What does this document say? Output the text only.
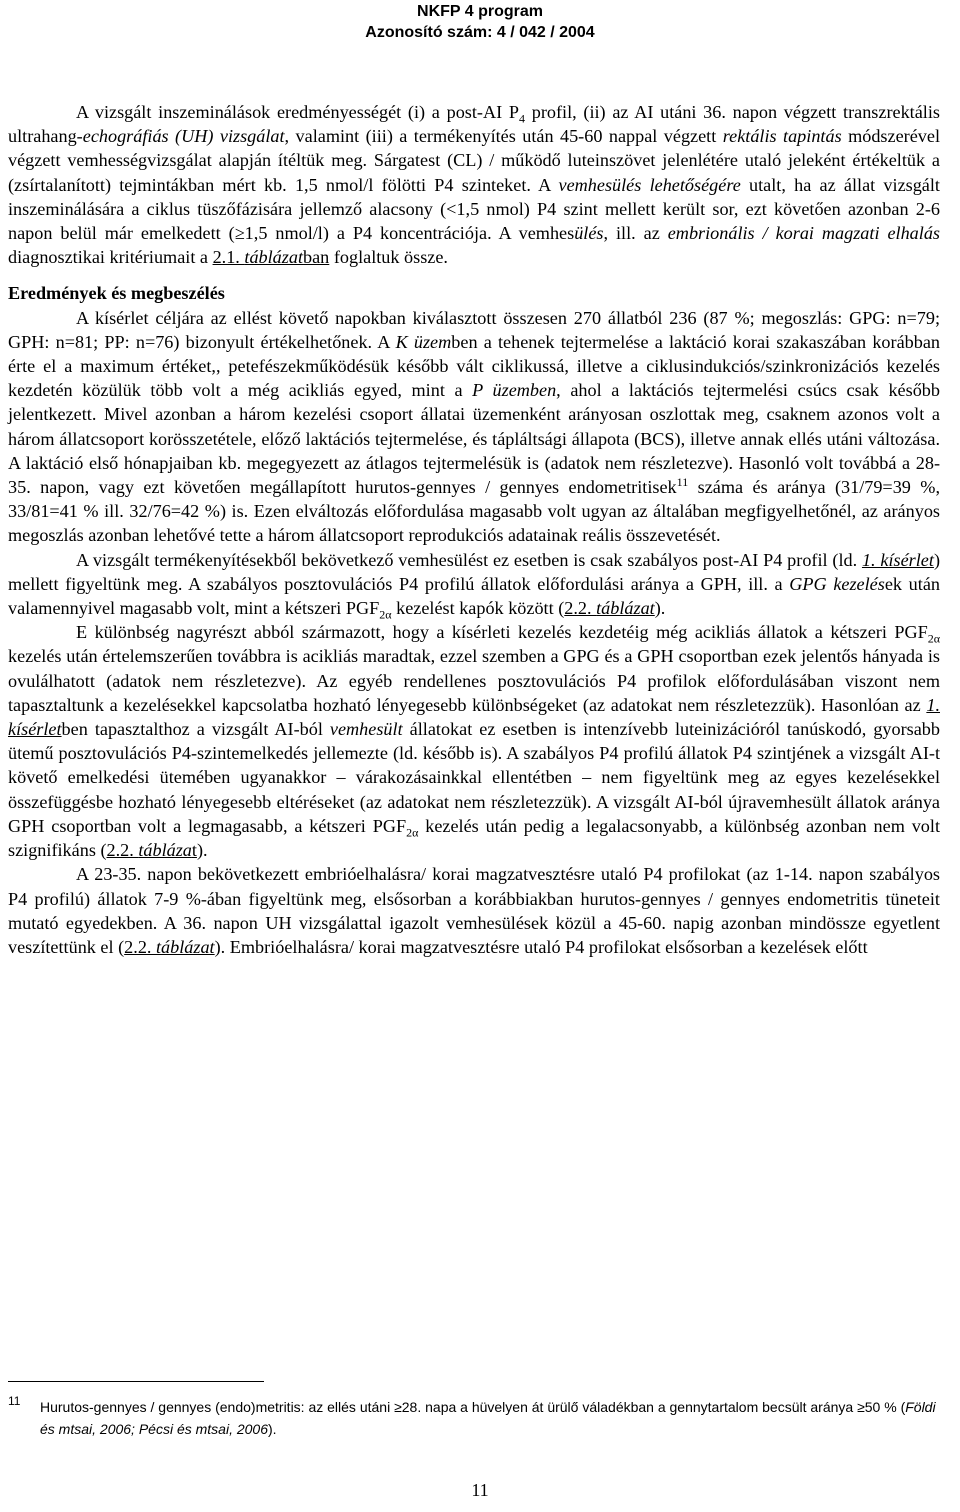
NKFP 4 program
Azonosító szám: 4 / 042 / 2004

A vizsgált inszeminálások eredményességét (i) a post-AI $P_4$ profil, (ii) az AI utáni 36. napon végzett transzrektális ultrahang-echográfiás (UH) vizsgálat, valamint (iii) a termékenyítés után 45-60 nappal végzett rektális tapintás módszerével végzett vemhességvizsgálat alapján ítéltük meg. Sárgatest (CL) / működő luteinszövet jelenlétére utaló jeleként értékeltük a (zsírtalanított) tejmintákban mért kb. 1,5 nmol/l fölötti P4 szinteket. A vemhesülés lehetőségére utalt, ha az állat vizsgált inszeminálására a ciklus tüszőfázisára jellemző alacsony (<1,5 nmol) P4 szint mellett került sor, ezt követően azonban 2-6 napon belül már emelkedett (≥1,5 nmol/l) a P4 koncentrációja. A vemhesülés, ill. az embrionális / korai magzati elhalás diagnosztikai kritériumait a 2.1. táblázatban foglaltuk össze.

Eredmények és megbeszélés

A kísérlet céljára az ellést követő napokban kiválasztott összesen 270 állatból 236 (87 %; megoszlás: GPG: n=79; GPH: n=81; PP: n=76) bizonyult értékelhetőnek. A K üzemben a tehenek tejtermelése a laktáció korai szakaszában korábban érte el a maximum értéket,, petefészekműködésük később vált ciklikussá, illetve a ciklusindukciós/szinkronizációs kezelés kezdetén közülük több volt a még acikliás egyed, mint a P üzemben, ahol a laktációs tejtermelési csúcs csak később jelentkezett. Mivel azonban a három kezelési csoport állatai üzemenként arányosan oszlottak meg, csaknem azonos volt a három állatcsoport korösszetétele, előző laktációs tejtermelése, és tápláltsági állapota (BCS), illetve annak ellés utáni változása. A laktáció első hónapjaiban kb. megegyezett az átlagos tejtermelésük is (adatok nem részletezve). Hasonló volt továbbá a 28-35. napon, vagy ezt követően megállapított hurutos-gennyes / gennyes endometritisek$^{11}$ száma és aránya (31/79=39 %, 33/81=41 % ill. 32/76=42 %) is. Ezen elváltozás előfordulása magasabb volt ugyan az általában megfigyelhetőnél, az arányos megoszlás azonban lehetővé tette a három állatcsoport reprodukciós adatainak reális összevetését.

A vizsgált termékenyítésekből bekövetkező vemhesülést ez esetben is csak szabályos post-AI P4 profil (ld. 1. kísérlet) mellett figyeltünk meg. A szabályos posztovulációs P4 profilú állatok előfordulási aránya a GPH, ill. a GPG kezelések után valamennyivel magasabb volt, mint a kétszeri $PGF_{2\alpha}$ kezelést kapók között (2.2. táblázat).

E különbség nagyrészt abból származott, hogy a kísérleti kezelés kezdetéig még acikliás állatok a kétszeri $PGF_{2\alpha}$ kezelés után értelemszerűen továbbra is acikliás maradtak, ezzel szemben a GPG és a GPH csoportban ezek jelentős hányada is ovulálhatott (adatok nem részletezve). Az egyéb rendellenes posztovulációs P4 profilok előfordulásában viszont nem tapasztaltunk a kezelésekkel kapcsolatba hozható lényegesebb különbségeket (az adatokat nem részletezzük). Hasonlóan az 1. kísérletben tapasztalthoz a vizsgált AI-ból vemhesült állatokat ez esetben is intenzívebb luteinizációról tanúskodó, gyorsabb ütemű posztovulációs P4-szintemelkedés jellemezte (ld. később is). A szabályos P4 profilú állatok P4 szintjének a vizsgált AI-t követő emelkedési ütemében ugyanakkor – várakozásainkkal ellentétben – nem figyeltünk meg az egyes kezelésekkel összefüggésbe hozható lényegesebb eltéréseket (az adatokat nem részletezzük). A vizsgált AI-ból újravemhesült állatok aránya GPH csoportban volt a legmagasabb, a kétszeri $PGF_{2\alpha}$ kezelés után pedig a legalacsonyabb, a különbség azonban nem volt szignifikáns (2.2. táblázat).

A 23-35. napon bekövetkezett embrióelhalásra/ korai magzatvesztésre utaló P4 profilokat (az 1-14. napon szabályos P4 profilú) állatok 7-9 %-ában figyeltünk meg, elsősorban a korábbiakban hurutos-gennyes / gennyes endometritis tüneteit mutató egyedekben. A 36. napon UH vizsgálattal igazolt vemhesülések közül a 45-60. napig azonban mindössze egyetlent veszítettünk el (2.2. táblázat). Embrióelhalásra/ korai magzatvesztésre utaló P4 profilokat elsősorban a kezelések előtt

11 Hurutos-gennyes / gennyes (endo)metritis: az ellés utáni ≥28. napa a hüvelyen át ürülő váladékban a gennytartalom becsült aránya ≥50 % (Földi és mtsai, 2006; Pécsi és mtsai, 2006).
11
